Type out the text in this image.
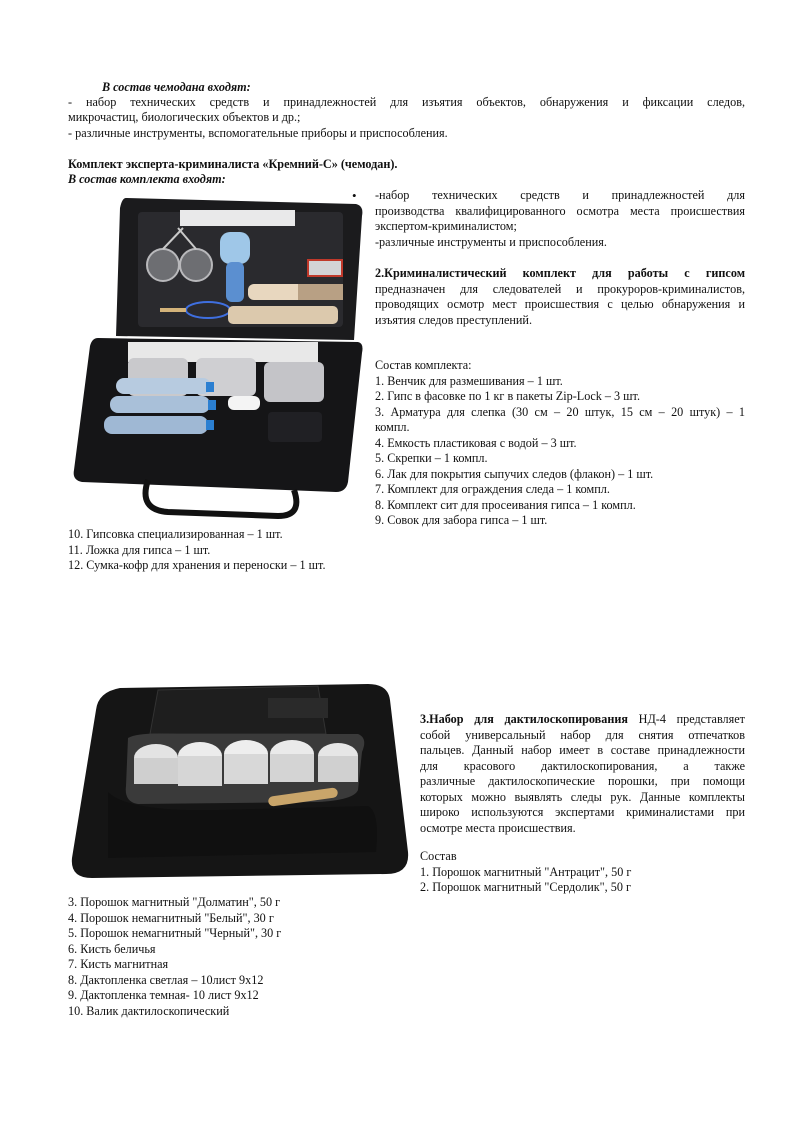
В состав чемодана входят:
- набор технических средств и принадлежностей для изъятия объектов, обнаружения и фиксации следов,
микрочастиц, биологических объектов и др.;
- различные инструменты, вспомогательные приборы и приспособления.
Комплект эксперта-криминалиста «Кремний-С» (чемодан).
В состав комплекта входят:
• -набор технических средств и принадлежностей для
производства квалифицированного осмотра места происшествия
экспертом-криминалистом;
-различные инструменты и приспособления.
2.Криминалистический комплект для работы с гипсом
предназначен для следователей и прокуроров-криминалистов,
проводящих осмотр мест происшествия с целью обнаружения и
изъятия следов преступлений.
Состав комплекта:
1. Венчик для размешивания – 1 шт.
2. Гипс в фасовке по 1 кг в пакеты Zip-Lock – 3 шт.
3. Арматура для слепка (30 см – 20 штук, 15 см – 20 штук) – 1
компл.
4. Емкость пластиковая с водой – 3 шт.
5. Скрепки – 1 компл.
6. Лак для покрытия сыпучих следов (флакон) – 1 шт.
7. Комплект для ограждения следа – 1 компл.
8. Комплект сит для просеивания гипса – 1 компл.
9. Совок для забора гипса – 1 шт.
10. Гипсовка специализированная – 1 шт.
11. Ложка для гипса – 1 шт.
12. Сумка-кофр для хранения и переноски – 1 шт.
3.Набор для дактилоскопирования НД-4 представляет
собой универсальный набор для снятия отпечатков
пальцев. Данный набор имеет в составе принадлежности
для красового дактилоскопирования, а также
различные дактилоскопические порошки, при помощи
которых можно выявлять следы рук. Данные комплекты
широко используются экспертами криминалистами при
осмотре места происшествия.
Состав
1. Порошок магнитный "Антрацит", 50 г
2. Порошок магнитный "Сердолик", 50 г
3. Порошок магнитный "Долматин", 50 г
4. Порошок немагнитный "Белый", 30 г
5. Порошок немагнитный "Черный", 30 г
6. Кисть беличья
7. Кисть магнитная
8. Дактопленка светлая – 10лист 9х12
9. Дактопленка темная- 10 лист 9х12
10. Валик дактилоскопический
